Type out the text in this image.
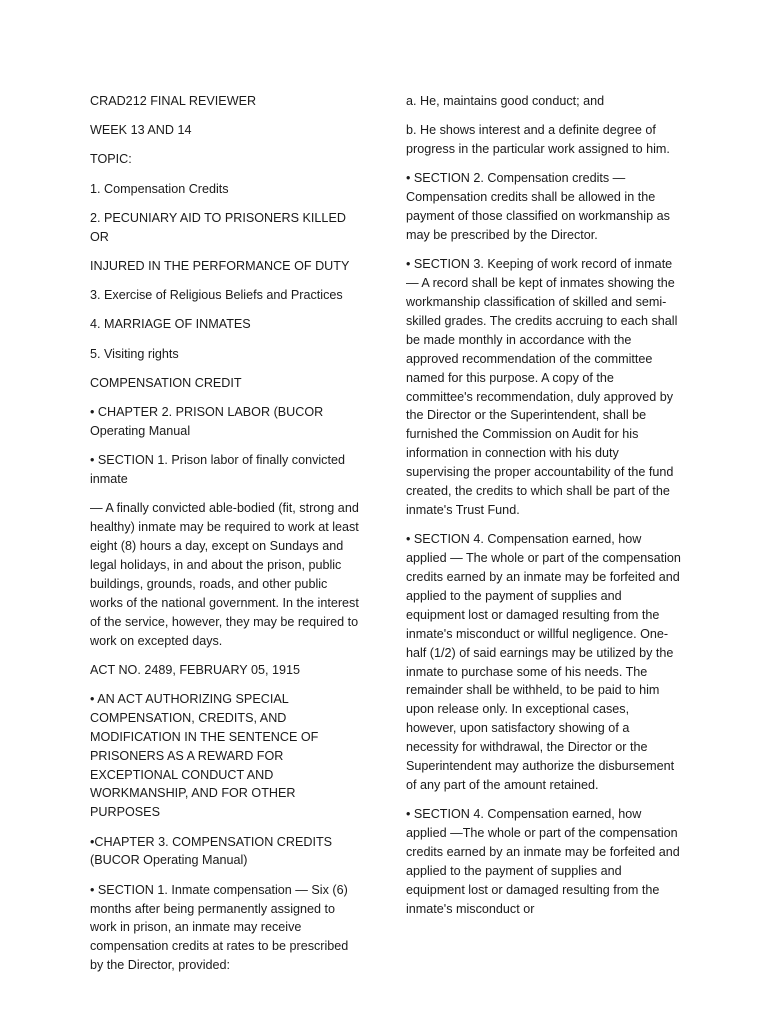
CRAD212 FINAL REVIEWER

WEEK 13 AND 14

TOPIC:

1. Compensation Credits

2. PECUNIARY AID TO PRISONERS KILLED OR

INJURED IN THE PERFORMANCE OF DUTY

3. Exercise of Religious Beliefs and Practices

4. MARRIAGE OF INMATES

5. Visiting rights

COMPENSATION CREDIT

• CHAPTER 2. PRISON LABOR (BUCOR Operating Manual

• SECTION 1. Prison labor of finally convicted inmate

— A finally convicted able-bodied (fit, strong and healthy) inmate may be required to work at least eight (8) hours a day, except on Sundays and legal holidays, in and about the prison, public buildings, grounds, roads, and other public works of the national government. In the interest of the service, however, they may be required to work on excepted days.

ACT NO. 2489, FEBRUARY 05, 1915

• AN ACT AUTHORIZING SPECIAL COMPENSATION, CREDITS, AND MODIFICATION IN THE SENTENCE OF PRISONERS AS A REWARD FOR EXCEPTIONAL CONDUCT AND WORKMANSHIP, AND FOR OTHER PURPOSES

•CHAPTER 3. COMPENSATION CREDITS (BUCOR Operating Manual)

• SECTION 1. Inmate compensation — Six (6) months after being permanently assigned to work in prison, an inmate may receive compensation credits at rates to be prescribed by the Director, provided:

a. He, maintains good conduct; and

b. He shows interest and a definite degree of progress in the particular work assigned to him.

• SECTION 2. Compensation credits — Compensation credits shall be allowed in the payment of those classified on workmanship as may be prescribed by the Director.

• SECTION 3. Keeping of work record of inmate — A record shall be kept of inmates showing the workmanship classification of skilled and semi-skilled grades. The credits accruing to each shall be made monthly in accordance with the approved recommendation of the committee named for this purpose. A copy of the committee's recommendation, duly approved by the Director or the Superintendent, shall be furnished the Commission on Audit for his information in connection with his duty supervising the proper accountability of the fund created, the credits to which shall be part of the inmate's Trust Fund.

• SECTION 4. Compensation earned, how applied — The whole or part of the compensation credits earned by an inmate may be forfeited and applied to the payment of supplies and equipment lost or damaged resulting from the inmate's misconduct or willful negligence. One- half (1/2) of said earnings may be utilized by the inmate to purchase some of his needs. The remainder shall be withheld, to be paid to him upon release only. In exceptional cases, however, upon satisfactory showing of a necessity for withdrawal, the Director or the Superintendent may authorize the disbursement of any part of the amount retained.

• SECTION 4. Compensation earned, how applied —The whole or part of the compensation credits earned by an inmate may be forfeited and applied to the payment of supplies and equipment lost or damaged resulting from the inmate's misconduct or
